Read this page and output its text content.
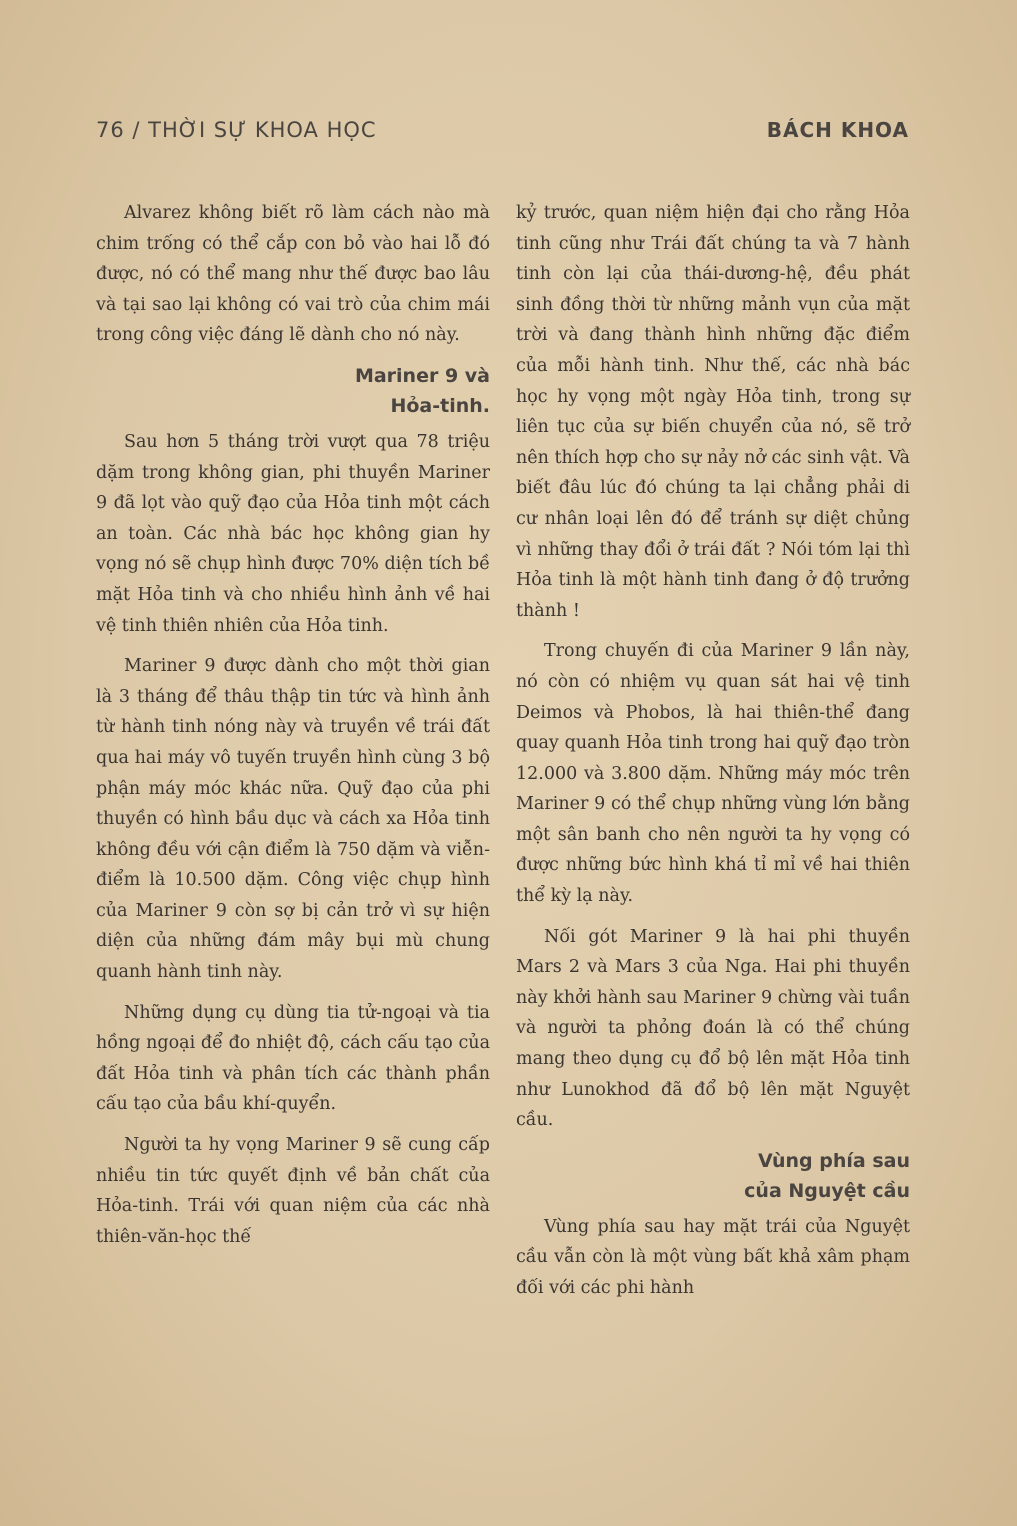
76 / THỜI SỰ KHOA HỌC	BÁCH KHOA

Alvarez không biết rõ làm cách nào mà chim trống có thể cắp con bỏ vào hai lỗ đó được, nó có thể mang như thế được bao lâu và tại sao lại không có vai trò của chim mái trong công việc đáng lẽ dành cho nó này.

Mariner 9 và
Hỏa-tinh.

Sau hơn 5 tháng trời vượt qua 78 triệu dặm trong không gian, phi thuyền Mariner 9 đã lọt vào quỹ đạo của Hỏa tinh một cách an toàn. Các nhà bác học không gian hy vọng nó sẽ chụp hình được 70% diện tích bề mặt Hỏa tinh và cho nhiều hình ảnh về hai vệ tinh thiên nhiên của Hỏa tinh.

Mariner 9 được dành cho một thời gian là 3 tháng để thâu thập tin tức và hình ảnh từ hành tinh nóng này và truyền về trái đất qua hai máy vô tuyến truyền hình cùng 3 bộ phận máy móc khác nữa. Quỹ đạo của phi thuyền có hình bầu dục và cách xa Hỏa tinh không đều với cận điểm là 750 dặm và viễn-điểm là 10.500 dặm. Công việc chụp hình của Mariner 9 còn sợ bị cản trở vì sự hiện diện của những đám mây bụi mù chung quanh hành tinh này.

Những dụng cụ dùng tia tử-ngoại và tia hồng ngoại để đo nhiệt độ, cách cấu tạo của đất Hỏa tinh và phân tích các thành phần cấu tạo của bầu khí-quyển.

Người ta hy vọng Mariner 9 sẽ cung cấp nhiều tin tức quyết định về bản chất của Hỏa-tinh. Trái với quan niệm của các nhà thiên-văn-học thế

kỷ trước, quan niệm hiện đại cho rằng Hỏa tinh cũng như Trái đất chúng ta và 7 hành tinh còn lại của thái-dương-hệ, đều phát sinh đồng thời từ những mảnh vụn của mặt trời và đang thành hình những đặc điểm của mỗi hành tinh. Như thế, các nhà bác học hy vọng một ngày Hỏa tinh, trong sự liên tục của sự biến chuyển của nó, sẽ trở nên thích hợp cho sự nảy nở các sinh vật. Và biết đâu lúc đó chúng ta lại chẳng phải di cư nhân loại lên đó để tránh sự diệt chủng vì những thay đổi ở trái đất ? Nói tóm lại thì Hỏa tinh là một hành tinh đang ở độ trưởng thành !

Trong chuyến đi của Mariner 9 lần này, nó còn có nhiệm vụ quan sát hai vệ tinh Deimos và Phobos, là hai thiên-thể đang quay quanh Hỏa tinh trong hai quỹ đạo tròn 12.000 và 3.800 dặm. Những máy móc trên Mariner 9 có thể chụp những vùng lớn bằng một sân banh cho nên người ta hy vọng có được những bức hình khá tỉ mỉ về hai thiên thể kỳ lạ này.

Nối gót Mariner 9 là hai phi thuyền Mars 2 và Mars 3 của Nga. Hai phi thuyền này khởi hành sau Mariner 9 chừng vài tuần và người ta phỏng đoán là có thể chúng mang theo dụng cụ đổ bộ lên mặt Hỏa tinh như Lunokhod đã đổ bộ lên mặt Nguyệt cầu.

Vùng phía sau
của Nguyệt cầu

Vùng phía sau hay mặt trái của Nguyệt cầu vẫn còn là một vùng bất khả xâm phạm đối với các phi hành
